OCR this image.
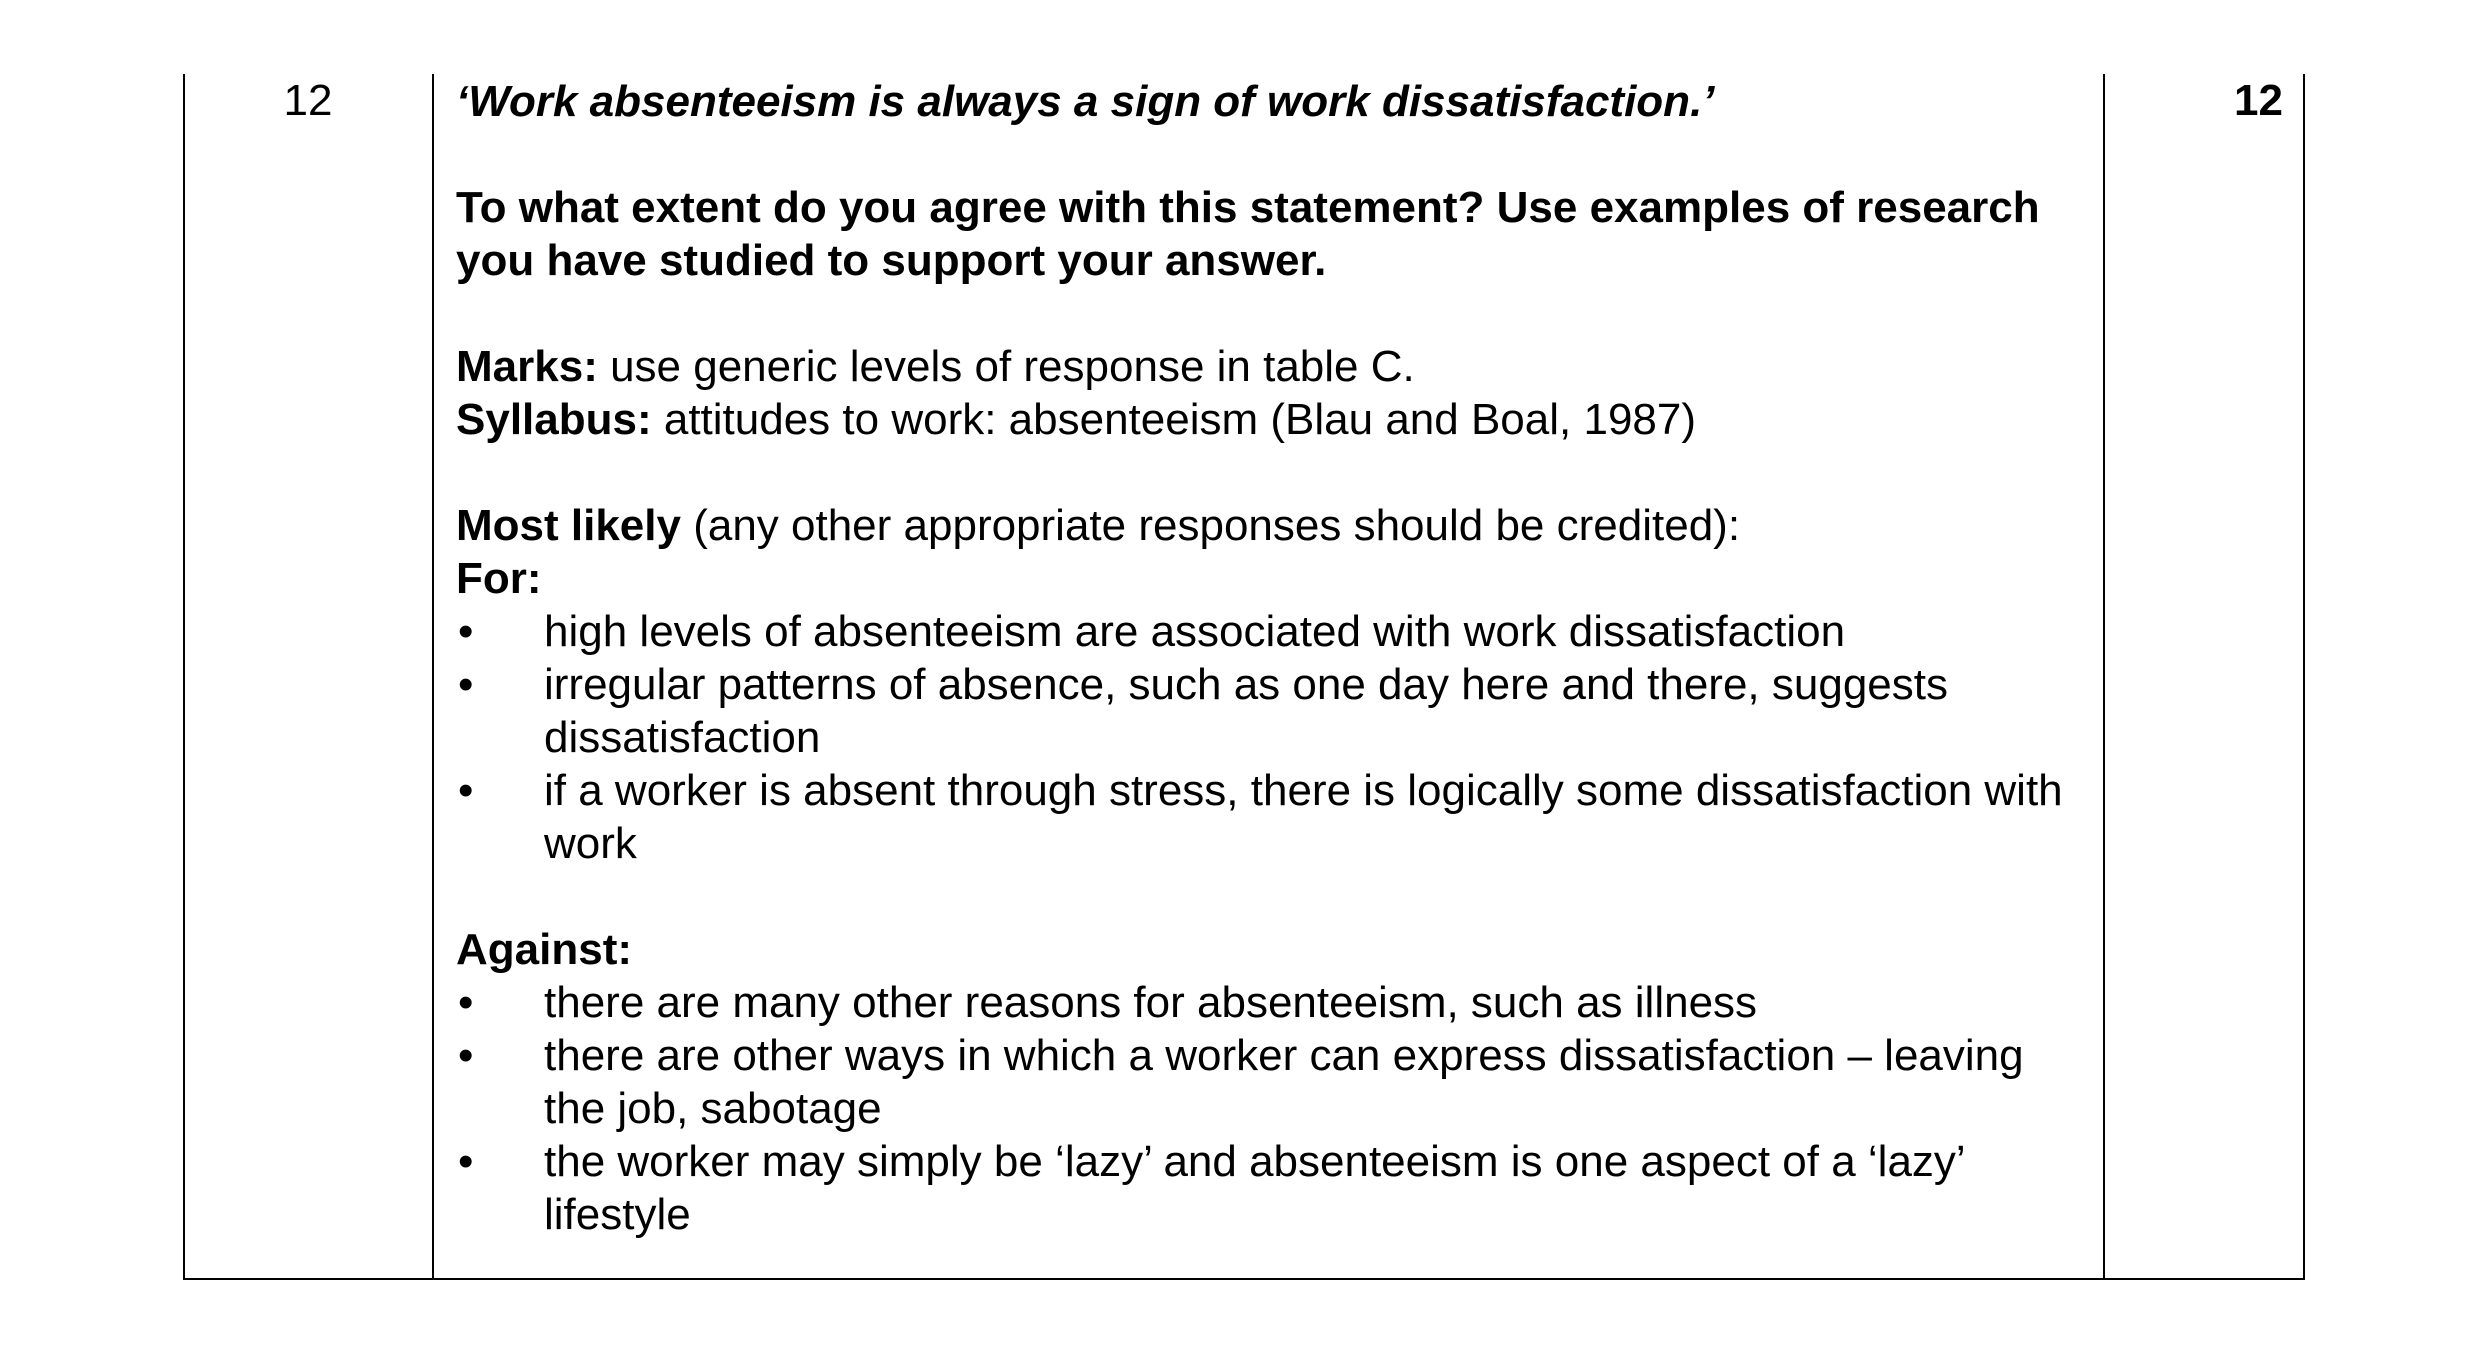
12	12

‘Work absenteeism is always a sign of work dissatisfaction.’

To what extent do you agree with this statement? Use examples of research you have studied to support your answer.

Marks: use generic levels of response in table C.

Syllabus: attitudes to work: absenteeism (Blau and Boal, 1987)

Most likely (any other appropriate responses should be credited):

For:

• high levels of absenteeism are associated with work dissatisfaction
• irregular patterns of absence, such as one day here and there, suggests dissatisfaction
• if a worker is absent through stress, there is logically some dissatisfaction with work

Against:

• there are many other reasons for absenteeism, such as illness
• there are other ways in which a worker can express dissatisfaction – leaving the job, sabotage
• the worker may simply be ‘lazy’ and absenteeism is one aspect of a ‘lazy’ lifestyle
